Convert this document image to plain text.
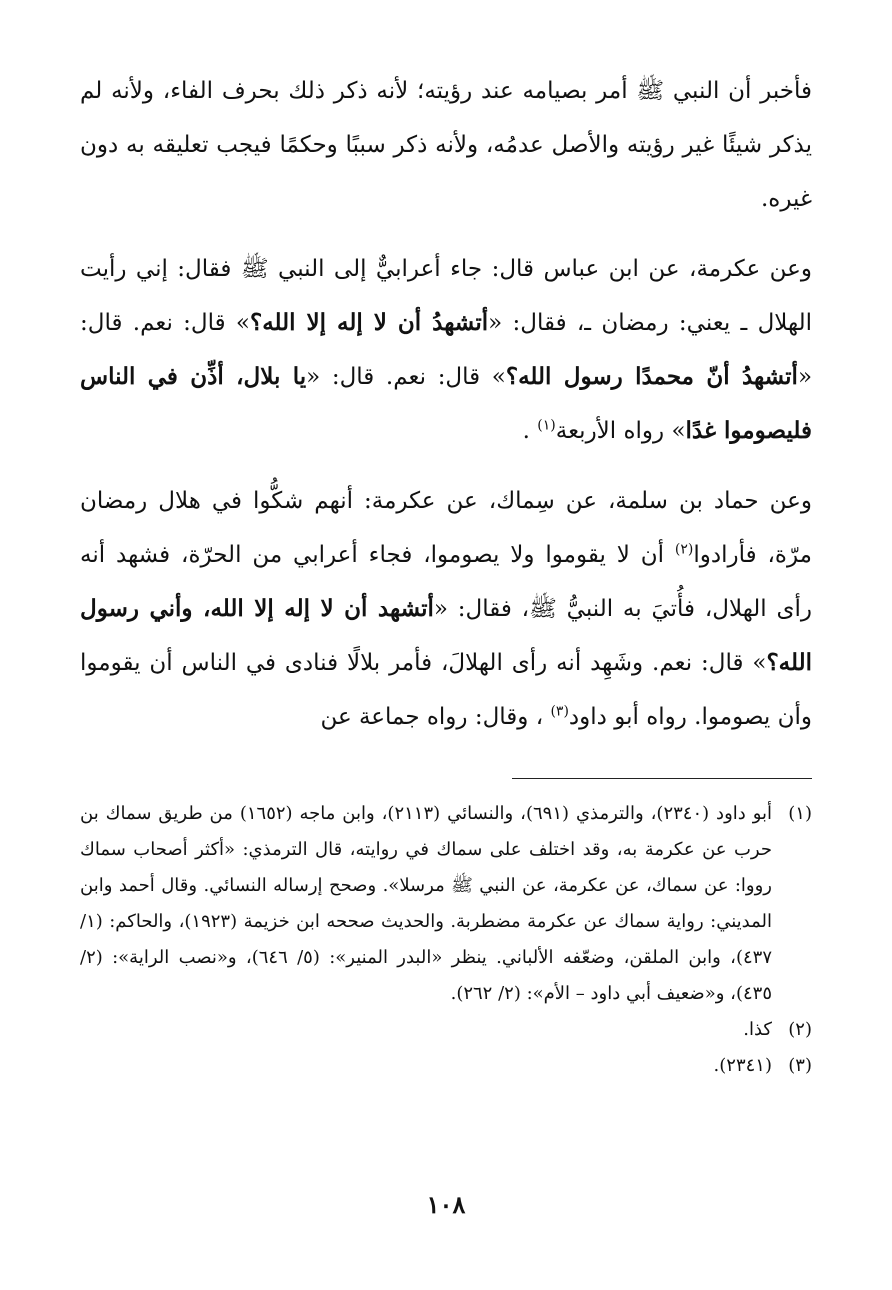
فأخبر أن النبي ﷺ أمر بصيامه عند رؤيته؛ لأنه ذكر ذلك بحرف الفاء، ولأنه لم يذكر شيئًا غير رؤيته والأصل عدمُه، ولأنه ذكر سببًا وحكمًا فيجب تعليقه به دون غيره.

وعن عكرمة، عن ابن عباس قال: جاء أعرابيٌّ إلى النبي ﷺ فقال: إني رأيت الهلال ـ يعني: رمضان ـ، فقال: «أتشهدُ أن لا إله إلا الله؟» قال: نعم. قال: «أتشهدُ أنّ محمدًا رسول الله؟» قال: نعم. قال: «يا بلال، أذِّن في الناس فليصوموا غدًا» رواه الأربعة$^{(١)}$ .

وعن حماد بن سلمة، عن سِماك، عن عكرمة: أنهم شكُّوا في هلال رمضان مرّة، فأرادوا$^{(٢)}$ أن لا يقوموا ولا يصوموا، فجاء أعرابي من الحرّة، فشهد أنه رأى الهلال، فأُتيَ به النبيُّ ﷺ، فقال: «أتشهد أن لا إله إلا الله، وأني رسول الله؟» قال: نعم. وشَهِد أنه رأى الهلالَ، فأمر بلالًا فنادى في الناس أن يقوموا وأن يصوموا. رواه أبو داود$^{(٣)}$ ، وقال: رواه جماعة عن

(١)
أبو داود (٢٣٤٠)، والترمذي (٦٩١)، والنسائي (٢١١٣)، وابن ماجه (١٦٥٢) من طريق سماك بن حرب عن عكرمة به، وقد اختلف على سماك في روايته، قال الترمذي: «أكثر أصحاب سماك رووا: عن سماك، عن عكرمة، عن النبي ﷺ مرسلا». وصحح إرساله النسائي. وقال أحمد وابن المديني: رواية سماك عن عكرمة مضطربة. والحديث صححه ابن خزيمة (١٩٢٣)، والحاكم: (١/ ٤٣٧)، وابن الملقن، وضعّفه الألباني. ينظر «البدر المنير»: (٥/ ٦٤٦)، و«نصب الراية»: (٢/ ٤٣٥)، و«ضعيف أبي داود – الأم»: (٢/ ٢٦٢).
(٢)
كذا.
(٣)
(٢٣٤١).
١٠٨
